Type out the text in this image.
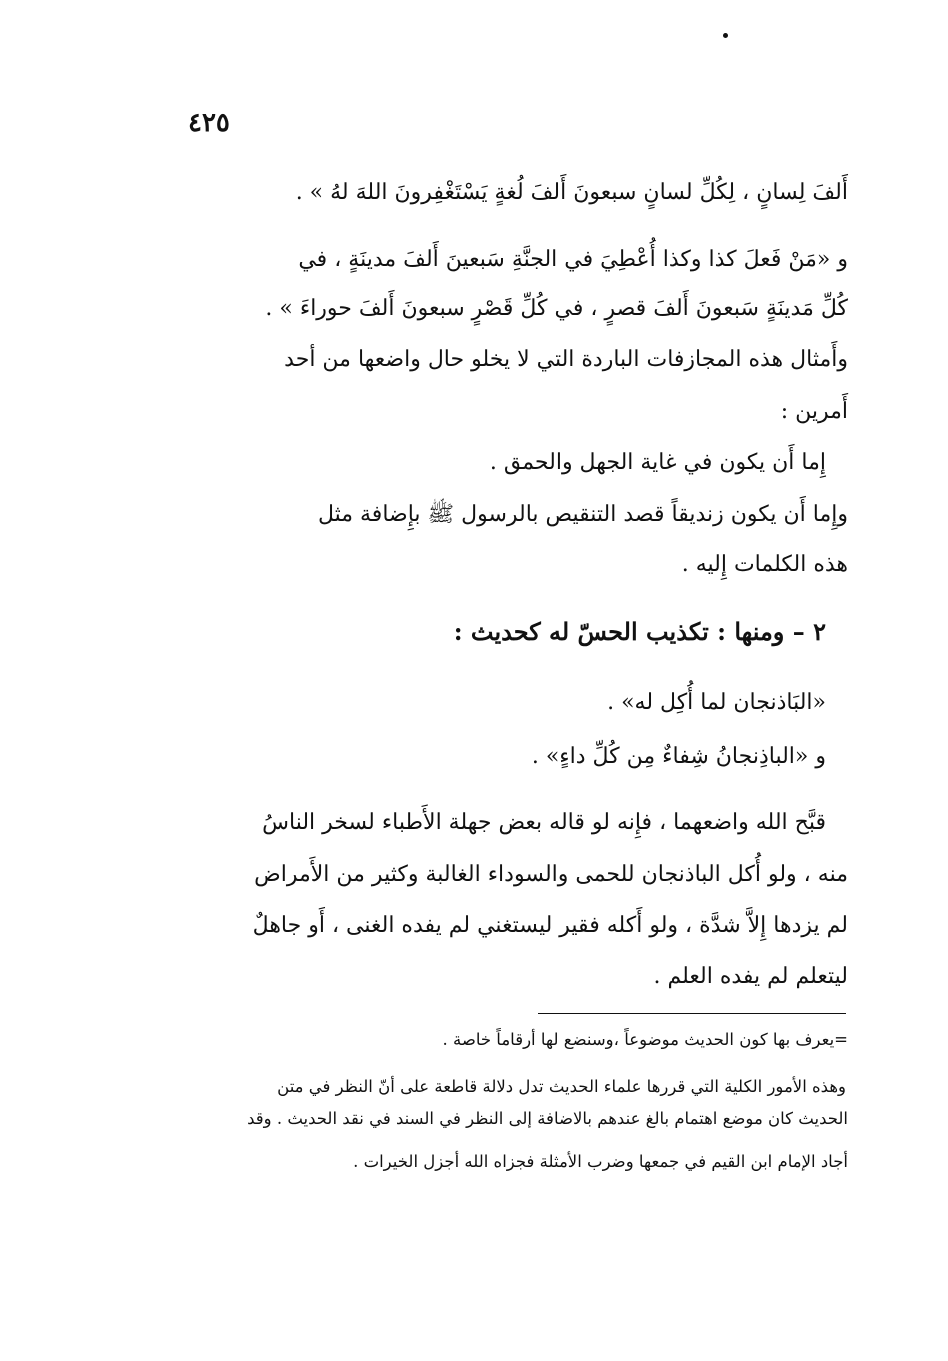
٤٢٥
أَلفَ لِسانٍ ، لِكُلِّ لسانٍ سبعونَ أَلفَ لُغةٍ يَسْتَغْفِرونَ اللهَ لهُ » .
و «مَنْ فَعلَ كذا وكذا أُعْطِيَ في الجنَّةِ سَبعينَ أَلفَ مدينَةٍ ، في
كُلِّ مَدينَةٍ سَبعونَ أَلفَ قصرٍ ، في كُلِّ قَصْرٍ سبعونَ أَلفَ حوراءَ » .
وأَمثال هذه المجازفات الباردة التي لا يخلو حال واضعها من أحد
أَمرين :
إِما أَن يكون في غاية الجهل والحمق .
وإِما أَن يكون زنديقاً قصد التنقيص بالرسول ﷺ بإِضافة مثل
هذه الكلمات إِليه .
٢ – ومنها : تكذيب الحسّ له كحديث :
«البَاذنجان لما أُكِل له» .
و «الباذِنجانُ شِفاءٌ مِن كُلِّ داءٍ» .
قبَّح الله واضعهما ، فإِنه لو قاله بعض جهلة الأَطباء لسخر الناسُ
منه ، ولو أُكل الباذنجان للحمى والسوداء الغالبة وكثير من الأَمراض
لم يزدها إِلاَّ شدَّة ، ولو أَكله فقير ليستغني لم يفده الغنى ، أَو جاهلٌ
ليتعلم لم يفده العلم .
=يعرف بها كون الحديث موضوعاً ،وسنضع لها أرقاماً خاصة .
وهذه الأمور الكلية التي قررها علماء الحديث تدل دلالة قاطعة على أنّ النظر في متن
الحديث كان موضع اهتمام بالغ عندهم بالاضافة إلى النظر في السند في نقد الحديث . وقد
أجاد الإمام ابن القيم في جمعها وضرب الأمثلة فجزاه الله أجزل الخيرات .
